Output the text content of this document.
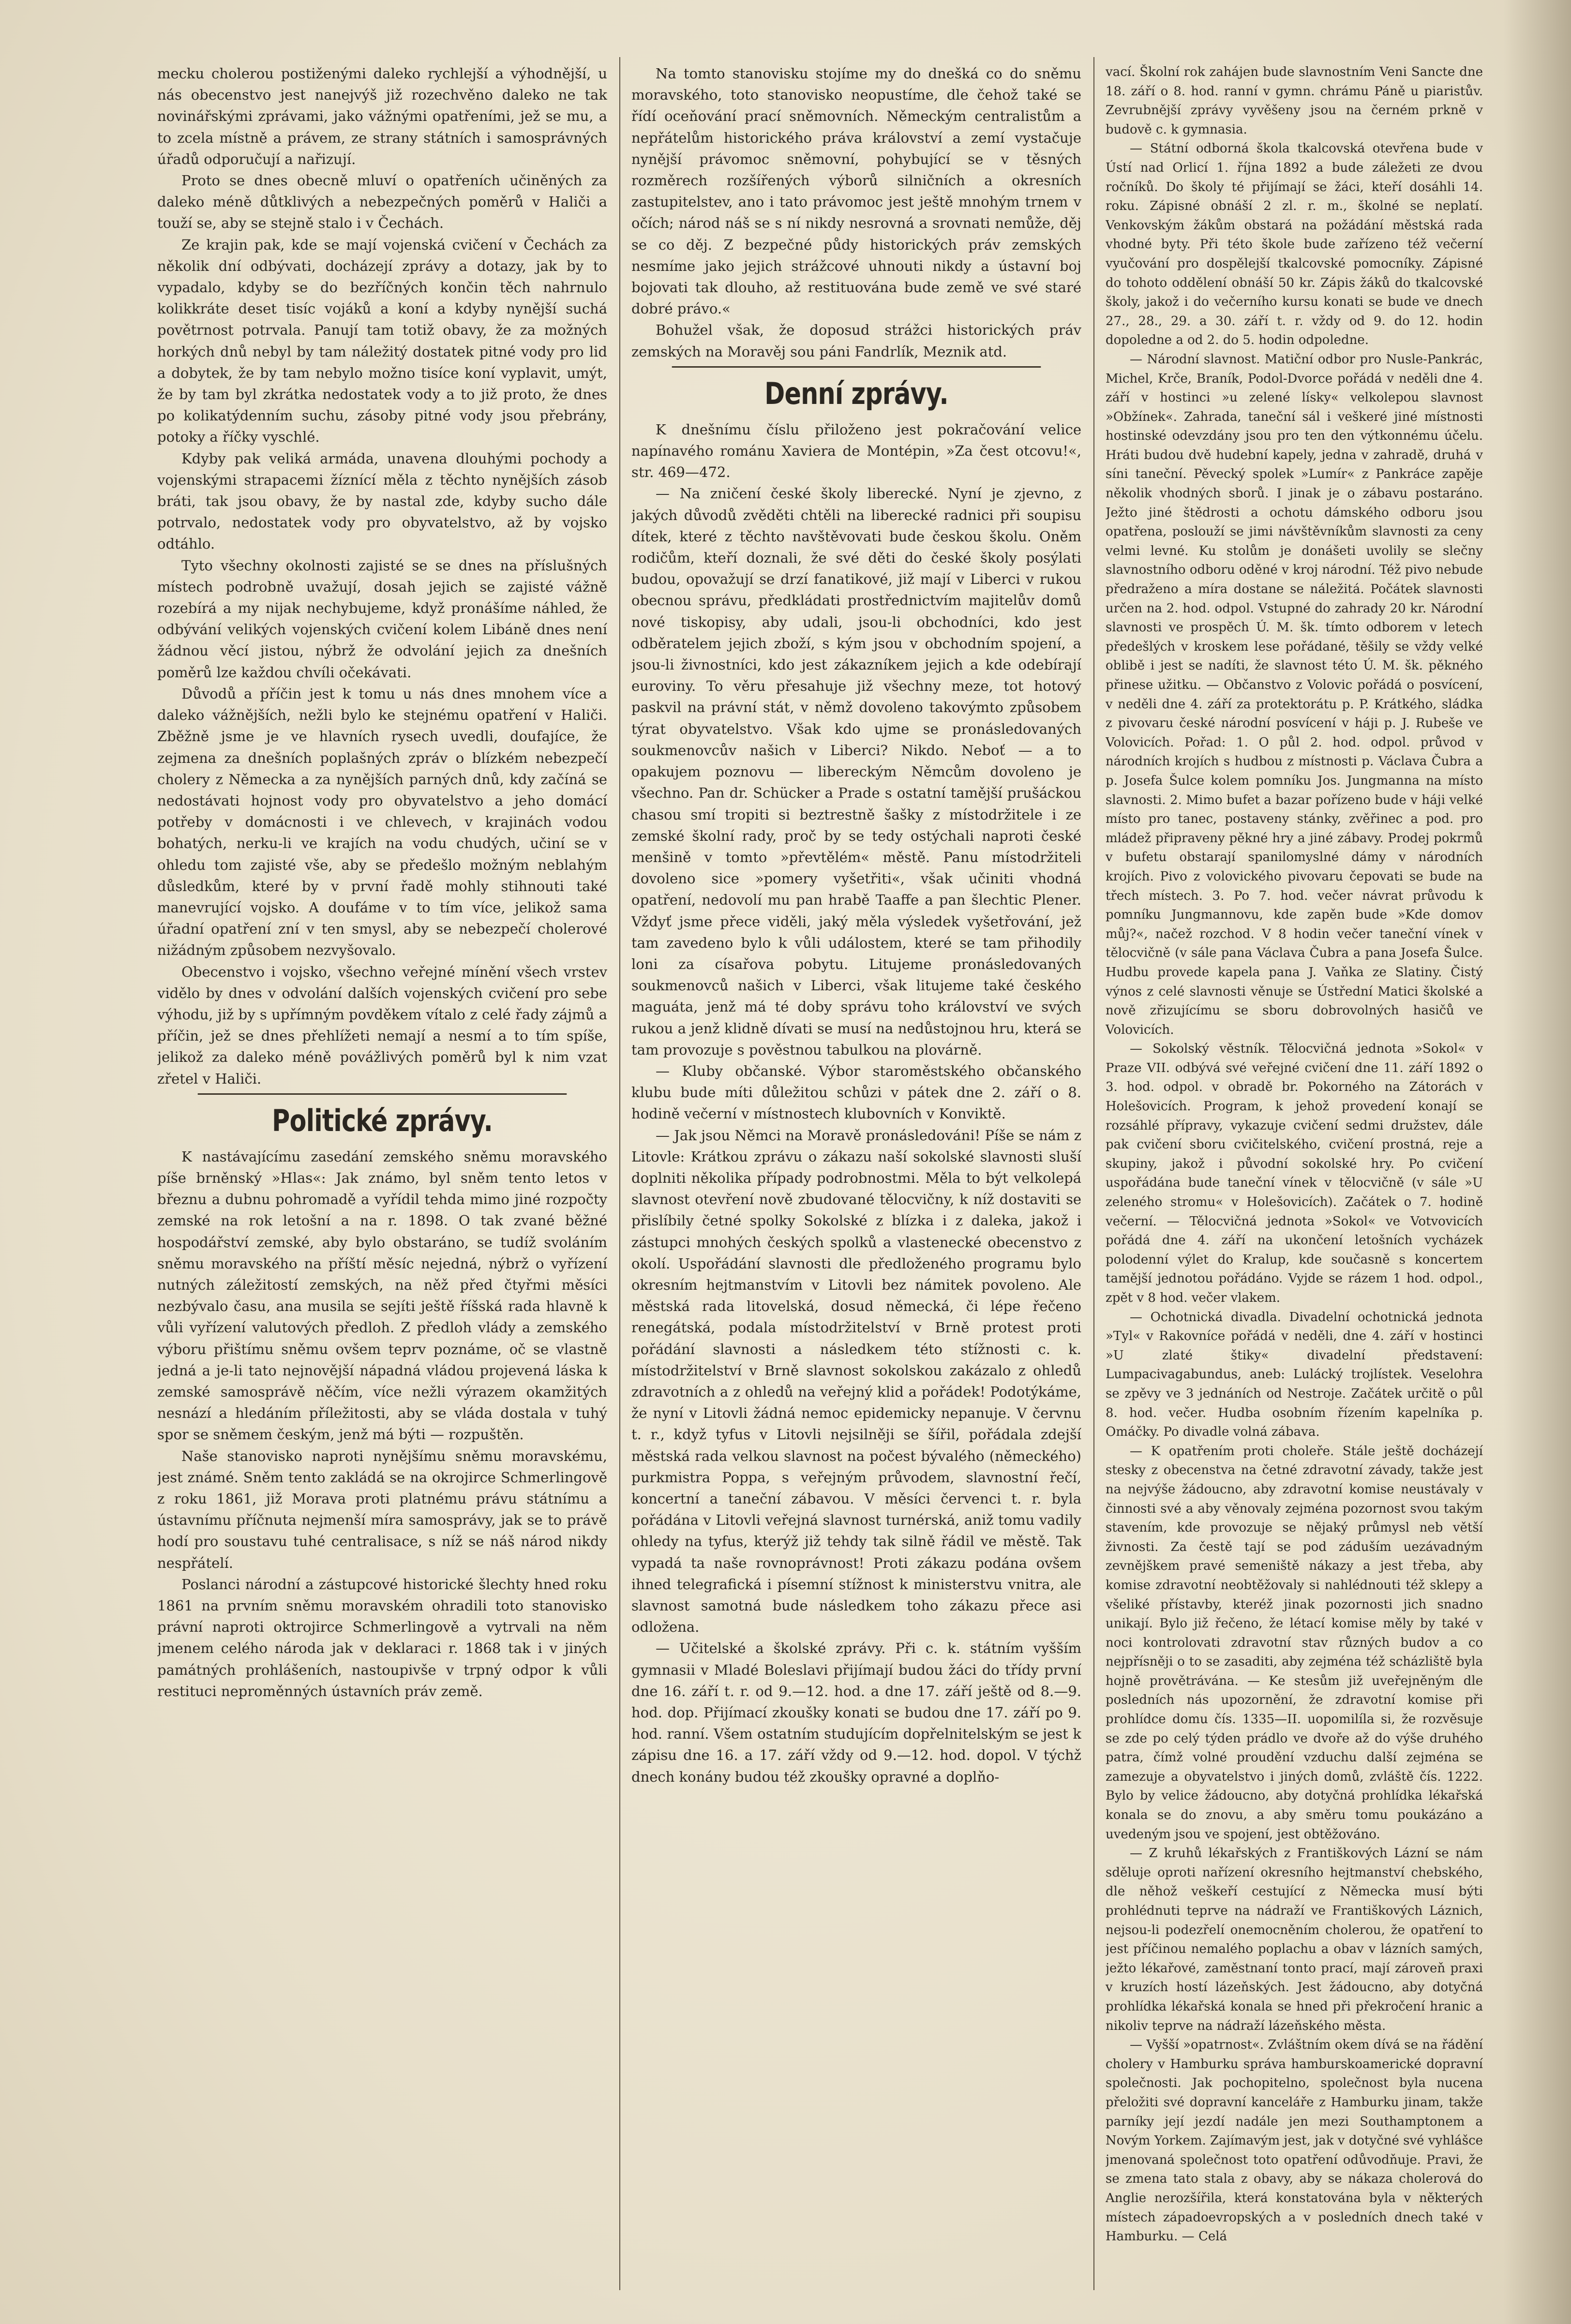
mecku cholerou postiženými daleko rychlejší a výhodnější, u nás obecenstvo jest nanejvýš již rozechvěno daleko ne tak novinářskými zprávami, jako vážnými opatřeními, jež se mu, a to zcela místně a právem, ze strany státních i samosprávných úřadů odporučují a nařizují.

Proto se dnes obecně mluví o opatřeních učiněných za daleko méně důtklivých a nebezpečných poměrů v Haliči a touží se, aby se stejně stalo i v Čechách.

Ze krajin pak, kde se mají vojenská cvičení v Čechách za několik dní odbývati, docházejí zprávy a dotazy, jak by to vypadalo, kdyby se do bezříčných končin těch nahrnulo kolikkráte deset tisíc vojáků a koní a kdyby nynější suchá povětrnost potrvala. Panují tam totiž obavy, že za možných horkých dnů nebyl by tam náležitý dostatek pitné vody pro lid a dobytek, že by tam nebylo možno tisíce koní vyplavit, umýt, že by tam byl zkrátka nedostatek vody a to již proto, že dnes po kolikatýdenním suchu, zásoby pitné vody jsou přebrány, potoky a říčky vyschlé.

Kdyby pak veliká armáda, unavena dlouhými pochody a vojenskými strapacemi žíznící měla z těchto nynějších zásob bráti, tak jsou obavy, že by nastal zde, kdyby sucho dále potrvalo, nedostatek vody pro obyvatelstvo, až by vojsko odtáhlo.

Tyto všechny okolnosti zajisté se se dnes na příslušných místech podrobně uvažují, dosah jejich se zajisté vážně rozebírá a my nijak nechybujeme, když pronášíme náhled, že odbývání velikých vojenských cvičení kolem Libáně dnes není žádnou věcí jistou, nýbrž že odvolání jejich za dnešních poměrů lze každou chvíli očekávati.

Důvodů a příčin jest k tomu u nás dnes mnohem více a daleko vážnějších, nežli bylo ke stejnému opatření v Haliči. Zběžně jsme je ve hlavních rysech uvedli, doufajíce, že zejmena za dnešních poplašných zpráv o blízkém nebezpečí cholery z Německa a za nynějších parných dnů, kdy začíná se nedostávati hojnost vody pro obyvatelstvo a jeho domácí potřeby v domácnosti i ve chlevech, v krajinách vodou bohatých, nerku-li ve krajích na vodu chudých, učiní se v ohledu tom zajisté vše, aby se předešlo možným neblahým důsledkům, které by v první řadě mohly stihnouti také manevrující vojsko. A doufáme v to tím více, jelikož sama úřadní opatření zní v ten smysl, aby se nebezpečí cholerové nižádným způsobem nezvyšovalo.

Obecenstvo i vojsko, všechno veřejné mínění všech vrstev vidělo by dnes v odvolání dalších vojenských cvičení pro sebe výhodu, již by s upřímným povděkem vítalo z celé řady zájmů a příčin, jež se dnes přehlížeti nemají a nesmí a to tím spíše, jelikož za daleko méně povážlivých poměrů byl k nim vzat zřetel v Haliči.

Politické zprávy.

K nastávajícímu zasedání zemského sněmu moravského píše brněnský »Hlas«: Jak známo, byl sněm tento letos v březnu a dubnu pohromadě a vyřídil tehda mimo jiné rozpočty zemské na rok letošní a na r. 1898. O tak zvané běžné hospodářství zemské, aby bylo obstaráno, se tudíž svoláním sněmu moravského na příští měsíc nejedná, nýbrž o vyřízení nutných záležitostí zemských, na něž před čtyřmi měsíci nezbývalo času, ana musila se sejíti ještě říšská rada hlavně k vůli vyřízení valutových předloh. Z předloh vlády a zemského výboru přištímu sněmu ovšem teprv poznáme, oč se vlastně jedná a je-li tato nejnovější nápadná vládou projevená láska k zemské samosprávě něčím, více nežli výrazem okamžitých nesnází a hledáním příležitosti, aby se vláda dostala v tuhý spor se sněmem českým, jenž má býti — rozpuštěn.

Naše stanovisko naproti nynějšímu sněmu moravskému, jest známé. Sněm tento zakládá se na okrojirce Schmerlingově z roku 1861, již Morava proti platnému právu státnímu a ústavnímu příčnuta nejmenší míra samosprávy, jak se to právě hodí pro soustavu tuhé centralisace, s níž se náš národ nikdy nespřátelí.

Poslanci národní a zástupcové historické šlechty hned roku 1861 na prvním sněmu moravském ohradili toto stanovisko právní naproti oktrojirce Schmerlingově a vytrvali na něm jmenem celého národa jak v deklaraci r. 1868 tak i v jiných památných prohlášeních, nastoupivše v trpný odpor k vůli restituci neproměnných ústavních práv země.

Na tomto stanovisku stojíme my do dnešká co do sněmu moravského, toto stanovisko neopustíme, dle čehož také se řídí oceňování prací sněmovních. Německým centralistům a nepřátelům historického práva království a zemí vystačuje nynější právomoc sněmovní, pohybující se v těsných rozměrech rozšířených výborů silničních a okresních zastupitelstev, ano i tato právomoc jest ještě mnohým trnem v očích; národ náš se s ní nikdy nesrovná a srovnati nemůže, děj se co děj. Z bezpečné půdy historických práv zemských nesmíme jako jejich strážcové uhnouti nikdy a ústavní boj bojovati tak dlouho, až restituována bude země ve své staré dobré právo.«

Bohužel však, že doposud strážci historických práv zemských na Moravěj sou páni Fandrlík, Meznik atd.

Denní zprávy.

K dnešnímu číslu přiloženo jest pokračování velice napínavého románu Xaviera de Montépin, »Za čest otcovu!«, str. 469—472.

— Na zničení české školy liberecké. Nyní je zjevno, z jakých důvodů zvěděti chtěli na liberecké radnici při soupisu dítek, které z těchto navštěvovati bude českou školu. Oněm rodičům, kteří doznali, že své děti do české školy posýlati budou, opovažují se drzí fanatikové, již mají v Liberci v rukou obecnou správu, předkládati prostřednictvím majitelův domů nové tiskopisy, aby udali, jsou-li obchodníci, kdo jest odběratelem jejich zboží, s kým jsou v obchodním spojení, a jsou-li živnostníci, kdo jest zákazníkem jejich a kde odebírají euroviny. To věru přesahuje již všechny meze, tot hotový paskvil na právní stát, v němž dovoleno takovýmto způsobem týrat obyvatelstvo. Však kdo ujme se pronásledovaných soukmenovcův našich v Liberci? Nikdo. Neboť — a to opakujem poznovu — libereckým Němcům dovoleno je všechno. Pan dr. Schücker a Prade s ostatní tamější prušáckou chasou smí tropiti si beztrestně šašky z místodržitele i ze zemské školní rady, proč by se tedy ostýchali naproti české menšině v tomto »převtělém« městě. Panu místodržiteli dovoleno sice »pomery vyšetřiti«, však učiniti vhodná opatření, nedovolí mu pan hrabě Taaffe a pan šlechtic Plener. Vždyť jsme přece viděli, jaký měla výsledek vyšetřování, jež tam zavedeno bylo k vůli událostem, které se tam přihodily loni za císařova pobytu. Litujeme pronásledovaných soukmenovců našich v Liberci, však litujeme také českého maguáta, jenž má té doby správu toho království ve svých rukou a jenž klidně dívati se musí na nedůstojnou hru, která se tam provozuje s pověstnou tabulkou na plovárně.

— Kluby občanské. Výbor staroměstského občanského klubu bude míti důležitou schůzi v pátek dne 2. září o 8. hodině večerní v místnostech klubovních v Konviktě.

— Jak jsou Němci na Moravě pronásledováni! Píše se nám z Litovle: Krátkou zprávu o zákazu naší sokolské slavnosti sluší doplniti několika případy podrobnostmi. Měla to být velkolepá slavnost otevření nově zbudované tělocvičny, k níž dostaviti se přislíbily četné spolky Sokolské z blízka i z daleka, jakož i zástupci mnohých českých spolků a vlastenecké obecenstvo z okolí. Uspořádání slavnosti dle předloženého programu bylo okresním hejtmanstvím v Litovli bez námitek povoleno. Ale městská rada litovelská, dosud německá, či lépe řečeno renegátská, podala místodržitelství v Brně protest proti pořádání slavnosti a následkem této stížnosti c. k. místodržitelství v Brně slavnost sokolskou zakázalo z ohledů zdravotních a z ohledů na veřejný klid a pořádek! Podotýkáme, že nyní v Litovli žádná nemoc epidemicky nepanuje. V červnu t. r., když tyfus v Litovli nejsilněji se šířil, pořádala zdejší městská rada velkou slavnost na počest bývalého (německého) purkmistra Poppa, s veřejným průvodem, slavnostní řečí, koncertní a taneční zábavou. V měsíci červenci t. r. byla pořádána v Litovli veřejná slavnost turnérská, aniž tomu vadily ohledy na tyfus, kterýž již tehdy tak silně řádil ve městě. Tak vypadá ta naše rovnoprávnost! Proti zákazu podána ovšem ihned telegrafická i písemní stížnost k ministerstvu vnitra, ale slavnost samotná bude následkem toho zákazu přece asi odložena.

— Učitelské a školské zprávy. Při c. k. státním vyšším gymnasii v Mladé Boleslavi přijímají budou žáci do třídy první dne 16. září t. r. od 9.—12. hod. a dne 17. září ještě od 8.—9. hod. dop. Přijímací zkoušky konati se budou dne 17. září po 9. hod. ranní. Všem ostatním studujícím dopřelnitelským se jest k zápisu dne 16. a 17. září vždy od 9.—12. hod. dopol. V týchž dnech konány budou též zkoušky opravné a doplňo-

vací. Školní rok zahájen bude slavnostním Veni Sancte dne 18. září o 8. hod. ranní v gymn. chrámu Páně u piaristův. Zevrubnější zprávy vyvěšeny jsou na černém prkně v budově c. k gymnasia.

— Státní odborná škola tkalcovská otevřena bude v Ústí nad Orlicí 1. října 1892 a bude záležeti ze dvou ročníků. Do školy té přijímají se žáci, kteří dosáhli 14. roku. Zápisné obnáší 2 zl. r. m., školné se neplatí. Venkovským žákům obstará na požádání městská rada vhodné byty. Při této škole bude zařízeno též večerní vyučování pro dospělejší tkalcovské pomocníky. Zápisné do tohoto oddělení obnáší 50 kr. Zápis žáků do tkalcovské školy, jakož i do večerního kursu konati se bude ve dnech 27., 28., 29. a 30. září t. r. vždy od 9. do 12. hodin dopoledne a od 2. do 5. hodin odpoledne.

— Národní slavnost. Matiční odbor pro Nusle-Pankrác, Michel, Krče, Braník, Podol-Dvorce pořádá v neděli dne 4. září v hostinci »u zelené lísky« velkolepou slavnost »Obžínek«. Zahrada, taneční sál i veškeré jiné místnosti hostinské odevzdány jsou pro ten den výtkonnému účelu. Hráti budou dvě hudební kapely, jedna v zahradě, druhá v síni taneční. Pěvecký spolek »Lumír« z Pankráce zapěje několik vhodných sborů. I jinak je o zábavu postaráno. Ježto jiné štědrosti a ochotu dámského odboru jsou opatřena, poslouží se jimi návštěvníkům slavnosti za ceny velmi levné. Ku stolům je donášeti uvolily se slečny slavnostního odboru oděné v kroj národní. Též pivo nebude předraženo a míra dostane se náležitá. Počátek slavnosti určen na 2. hod. odpol. Vstupné do zahrady 20 kr. Národní slavnosti ve prospěch Ú. M. šk. tímto odborem v letech předešlých v kroskem lese pořádané, těšily se vždy velké oblibě i jest se nadíti, že slavnost této Ú. M. šk. pěkného přinese užitku. — Občanstvo z Volovic pořádá o posvícení, v neděli dne 4. září za protektorátu p. P. Krátkého, sládka z pivovaru české národní posvícení v háji p. J. Rubeše ve Volovicích. Pořad: 1. O půl 2. hod. odpol. průvod v národních krojích s hudbou z místnosti p. Václava Čubra a p. Josefa Šulce kolem pomníku Jos. Jungmanna na místo slavnosti. 2. Mimo bufet a bazar pořízeno bude v háji velké místo pro tanec, postaveny stánky, zvěřinec a pod. pro mládež připraveny pěkné hry a jiné zábavy. Prodej pokrmů v bufetu obstarají spanilomyslné dámy v národních krojích. Pivo z volovického pivovaru čepovati se bude na třech místech. 3. Po 7. hod. večer návrat průvodu k pomníku Jungmannovu, kde zapěn bude »Kde domov můj?«, načež rozchod. V 8 hodin večer taneční vínek v tělocvičně (v sále pana Václava Čubra a pana Josefa Šulce. Hudbu provede kapela pana J. Vaňka ze Slatiny. Čistý výnos z celé slavnosti věnuje se Ústřední Matici školské a nově zřizujícímu se sboru dobrovolných hasičů ve Volovicích.

— Sokolský věstník. Tělocvičná jednota »Sokol« v Praze VII. odbývá své veřejné cvičení dne 11. září 1892 o 3. hod. odpol. v obradě br. Pokorného na Zátorách v Holešovicích. Program, k jehož provedení konají se rozsáhlé přípravy, vykazuje cvičení sedmi družstev, dále pak cvičení sboru cvičitelského, cvičení prostná, reje a skupiny, jakož i původní sokolské hry. Po cvičení uspořádána bude taneční vínek v tělocvičně (v sále »U zeleného stromu« v Holešovicích). Začátek o 7. hodině večerní. — Tělocvičná jednota »Sokol« ve Votvovicích pořádá dne 4. září na ukončení letošních vycházek polodenní výlet do Kralup, kde současně s koncertem tamější jednotou pořádáno. Vyjde se rázem 1 hod. odpol., zpět v 8 hod. večer vlakem.

— Ochotnická divadla. Divadelní ochotnická jednota »Tyl« v Rakovníce pořádá v neděli, dne 4. září v hostinci »U zlaté štiky« divadelní představení: Lumpacivagabundus, aneb: Lulácký trojlístek. Veselohra se zpěvy ve 3 jednáních od Nestroje. Začátek určitě o půl 8. hod. večer. Hudba osobním řízením kapelníka p. Omáčky. Po divadle volná zábava.

— K opatřením proti choleře. Stále ještě docházejí stesky z obecenstva na četné zdravotní závady, takže jest na nejvýše žádoucno, aby zdravotní komise neustávaly v činnosti své a aby věnovaly zejména pozornost svou takým stavením, kde provozuje se nějaký průmysl neb větší živnosti. Za čestě tají se pod záduším uezávadným zevnějškem pravé semeniště nákazy a jest třeba, aby komise zdravotní neobtěžovaly si nahlédnouti též sklepy a všeliké přístavby, kteréž jinak pozornosti jich snadno unikají. Bylo již řečeno, že létací komise měly by také v noci kontrolovati zdravotní stav různých budov a co nejpřísněji o to se zasaditi, aby zejména též scházliště byla hojně provětrávána. — Ke stesům již uveřejněným dle posledních nás upozornění, že zdravotní komise při prohlídce domu čís. 1335—II. uopomilíla si, že rozvěsuje se zde po celý týden prádlo ve dvoře až do výše druhého patra, čímž volné proudění vzduchu další zejména se zamezuje a obyvatelstvo i jiných domů, zvláště čís. 1222. Bylo by velice žádoucno, aby dotyčná prohlídka lékařská konala se do znovu, a aby směru tomu poukázáno a uvedeným jsou ve spojení, jest obtěžováno.

— Z kruhů lékařských z Františkových Lázní se nám sděluje oproti nařízení okresního hejtmanství chebského, dle něhož veškeří cestující z Německa musí býti prohlédnuti teprve na nádraží ve Františkových Láznich, nejsou-li podezřelí onemocněním cholerou, že opatření to jest příčinou nemalého poplachu a obav v lázních samých, ježto lékařové, zaměstnaní tonto prací, mají zároveň praxi v kruzích hostí lázeňských. Jest žádoucno, aby dotyčná prohlídka lékařská konala se hned při překročení hranic a nikoliv teprve na nádraží lázeňského města.

— Vyšší »opatrnost«. Zvláštním okem dívá se na řádění cholery v Hamburku správa hamburskoamerické dopravní společnosti. Jak pochopitelno, společnost byla nucena přeložiti své dopravní kanceláře z Hamburku jinam, takže parníky její jezdí nadále jen mezi Southamptonem a Novým Yorkem. Zajímavým jest, jak v dotyčné své vyhlášce jmenovaná společnost toto opatření odůvodňuje. Pravi, že se zmena tato stala z obavy, aby se nákaza cholerová do Anglie nerozšířila, která konstatována byla v některých místech západoevropských a v posledních dnech také v Hamburku. — Celá
